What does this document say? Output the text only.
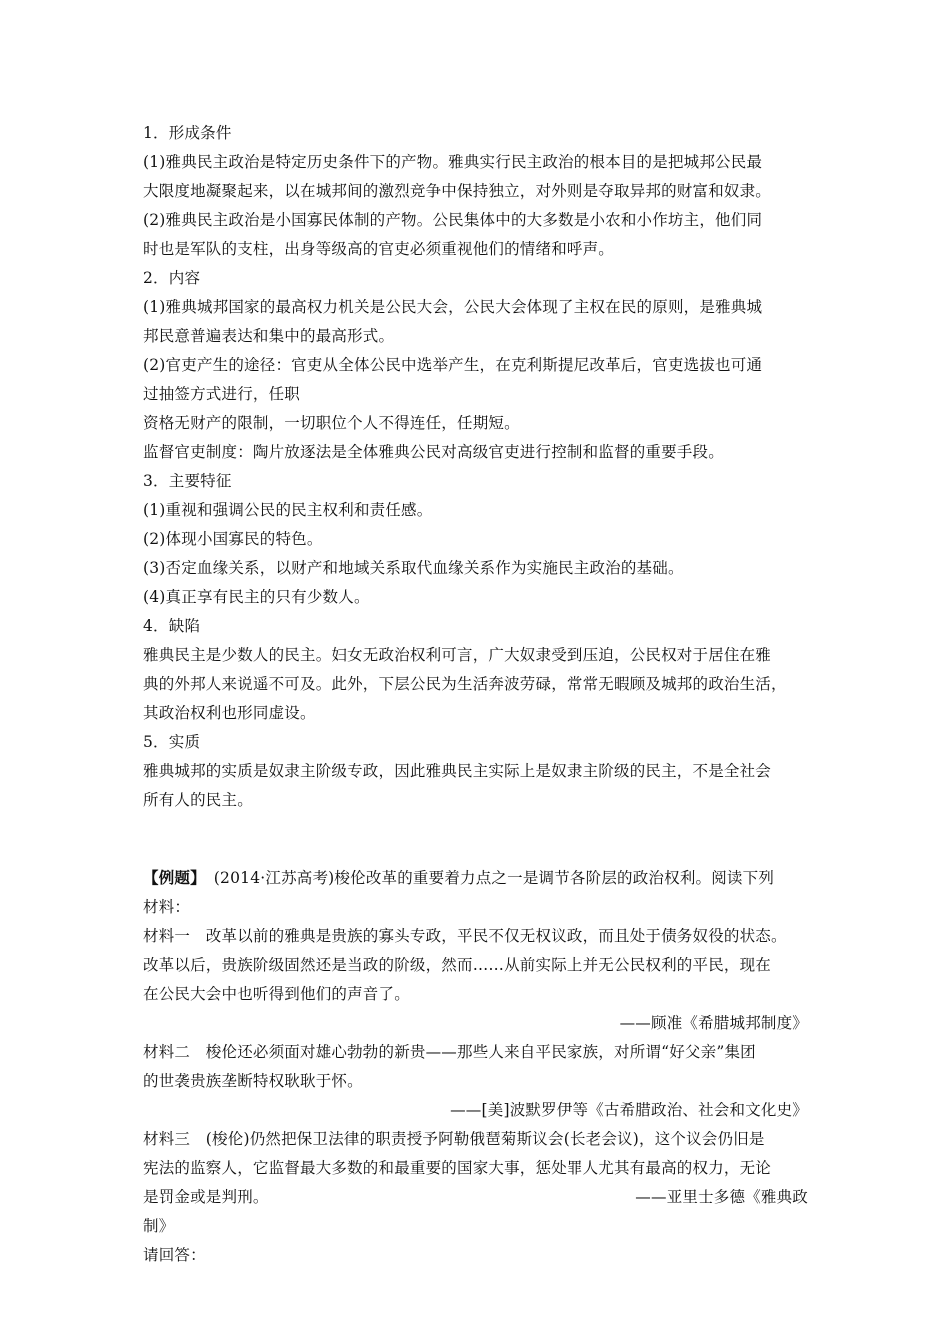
1．形成条件
(1)雅典民主政治是特定历史条件下的产物。雅典实行民主政治的根本目的是把城邦公民最
大限度地凝聚起来，以在城邦间的激烈竞争中保持独立，对外则是夺取异邦的财富和奴隶。
(2)雅典民主政治是小国寡民体制的产物。公民集体中的大多数是小农和小作坊主，他们同
时也是军队的支柱，出身等级高的官吏必须重视他们的情绪和呼声。
2．内容
(1)雅典城邦国家的最高权力机关是公民大会，公民大会体现了主权在民的原则，是雅典城
邦民意普遍表达和集中的最高形式。
(2)官吏产生的途径：官吏从全体公民中选举产生，在克利斯提尼改革后，官吏选拔也可通
过抽签方式进行，任职
资格无财产的限制，一切职位个人不得连任，任期短。
监督官吏制度：陶片放逐法是全体雅典公民对高级官吏进行控制和监督的重要手段。
3．主要特征
(1)重视和强调公民的民主权利和责任感。
(2)体现小国寡民的特色。
(3)否定血缘关系，以财产和地域关系取代血缘关系作为实施民主政治的基础。
(4)真正享有民主的只有少数人。
4．缺陷
雅典民主是少数人的民主。妇女无政治权利可言，广大奴隶受到压迫，公民权对于居住在雅
典的外邦人来说遥不可及。此外，下层公民为生活奔波劳碌，常常无暇顾及城邦的政治生活，
其政治权利也形同虚设。
5．实质
雅典城邦的实质是奴隶主阶级专政，因此雅典民主实际上是奴隶主阶级的民主，不是全社会
所有人的民主。
【例题】　(2014·江苏高考)梭伦改革的重要着力点之一是调节各阶层的政治权利。阅读下列
材料：
材料一　改革以前的雅典是贵族的寡头专政，平民不仅无权议政，而且处于债务奴役的状态。
改革以后，贵族阶级固然还是当政的阶级，然而……从前实际上并无公民权利的平民，现在
在公民大会中也听得到他们的声音了。
——顾准《希腊城邦制度》
材料二　梭伦还必须面对雄心勃勃的新贵——那些人来自平民家族，对所谓“好父亲”集团
的世袭贵族垄断特权耿耿于怀。
——[美]波默罗伊等《古希腊政治、社会和文化史》
材料三　(梭伦)仍然把保卫法律的职责授予阿勒俄琶菊斯议会(长老会议)，这个议会仍旧是
宪法的监察人，它监督最大多数的和最重要的国家大事，惩处罪人尤其有最高的权力，无论
是罚金或是判刑。	——亚里士多德《雅典政
制》
请回答：
